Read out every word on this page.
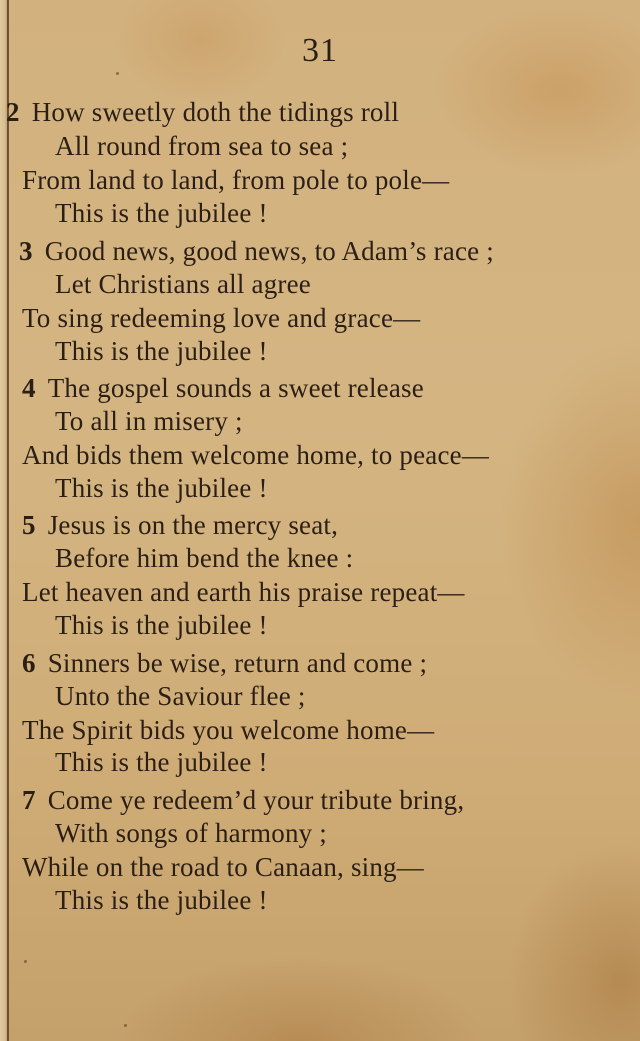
31
2 How sweetly doth the tidings roll
All round from sea to sea ;
From land to land, from pole to pole—
This is the jubilee !
3 Good news, good news, to Adam’s race ;
Let Christians all agree
To sing redeeming love and grace—
This is the jubilee !
4 The gospel sounds a sweet release
To all in misery ;
And bids them welcome home, to peace—
This is the jubilee !
5 Jesus is on the mercy seat,
Before him bend the knee :
Let heaven and earth his praise repeat—
This is the jubilee !
6 Sinners be wise, return and come ;
Unto the Saviour flee ;
The Spirit bids you welcome home—
This is the jubilee !
7 Come ye redeem’d your tribute bring,
With songs of harmony ;
While on the road to Canaan, sing—
This is the jubilee !
